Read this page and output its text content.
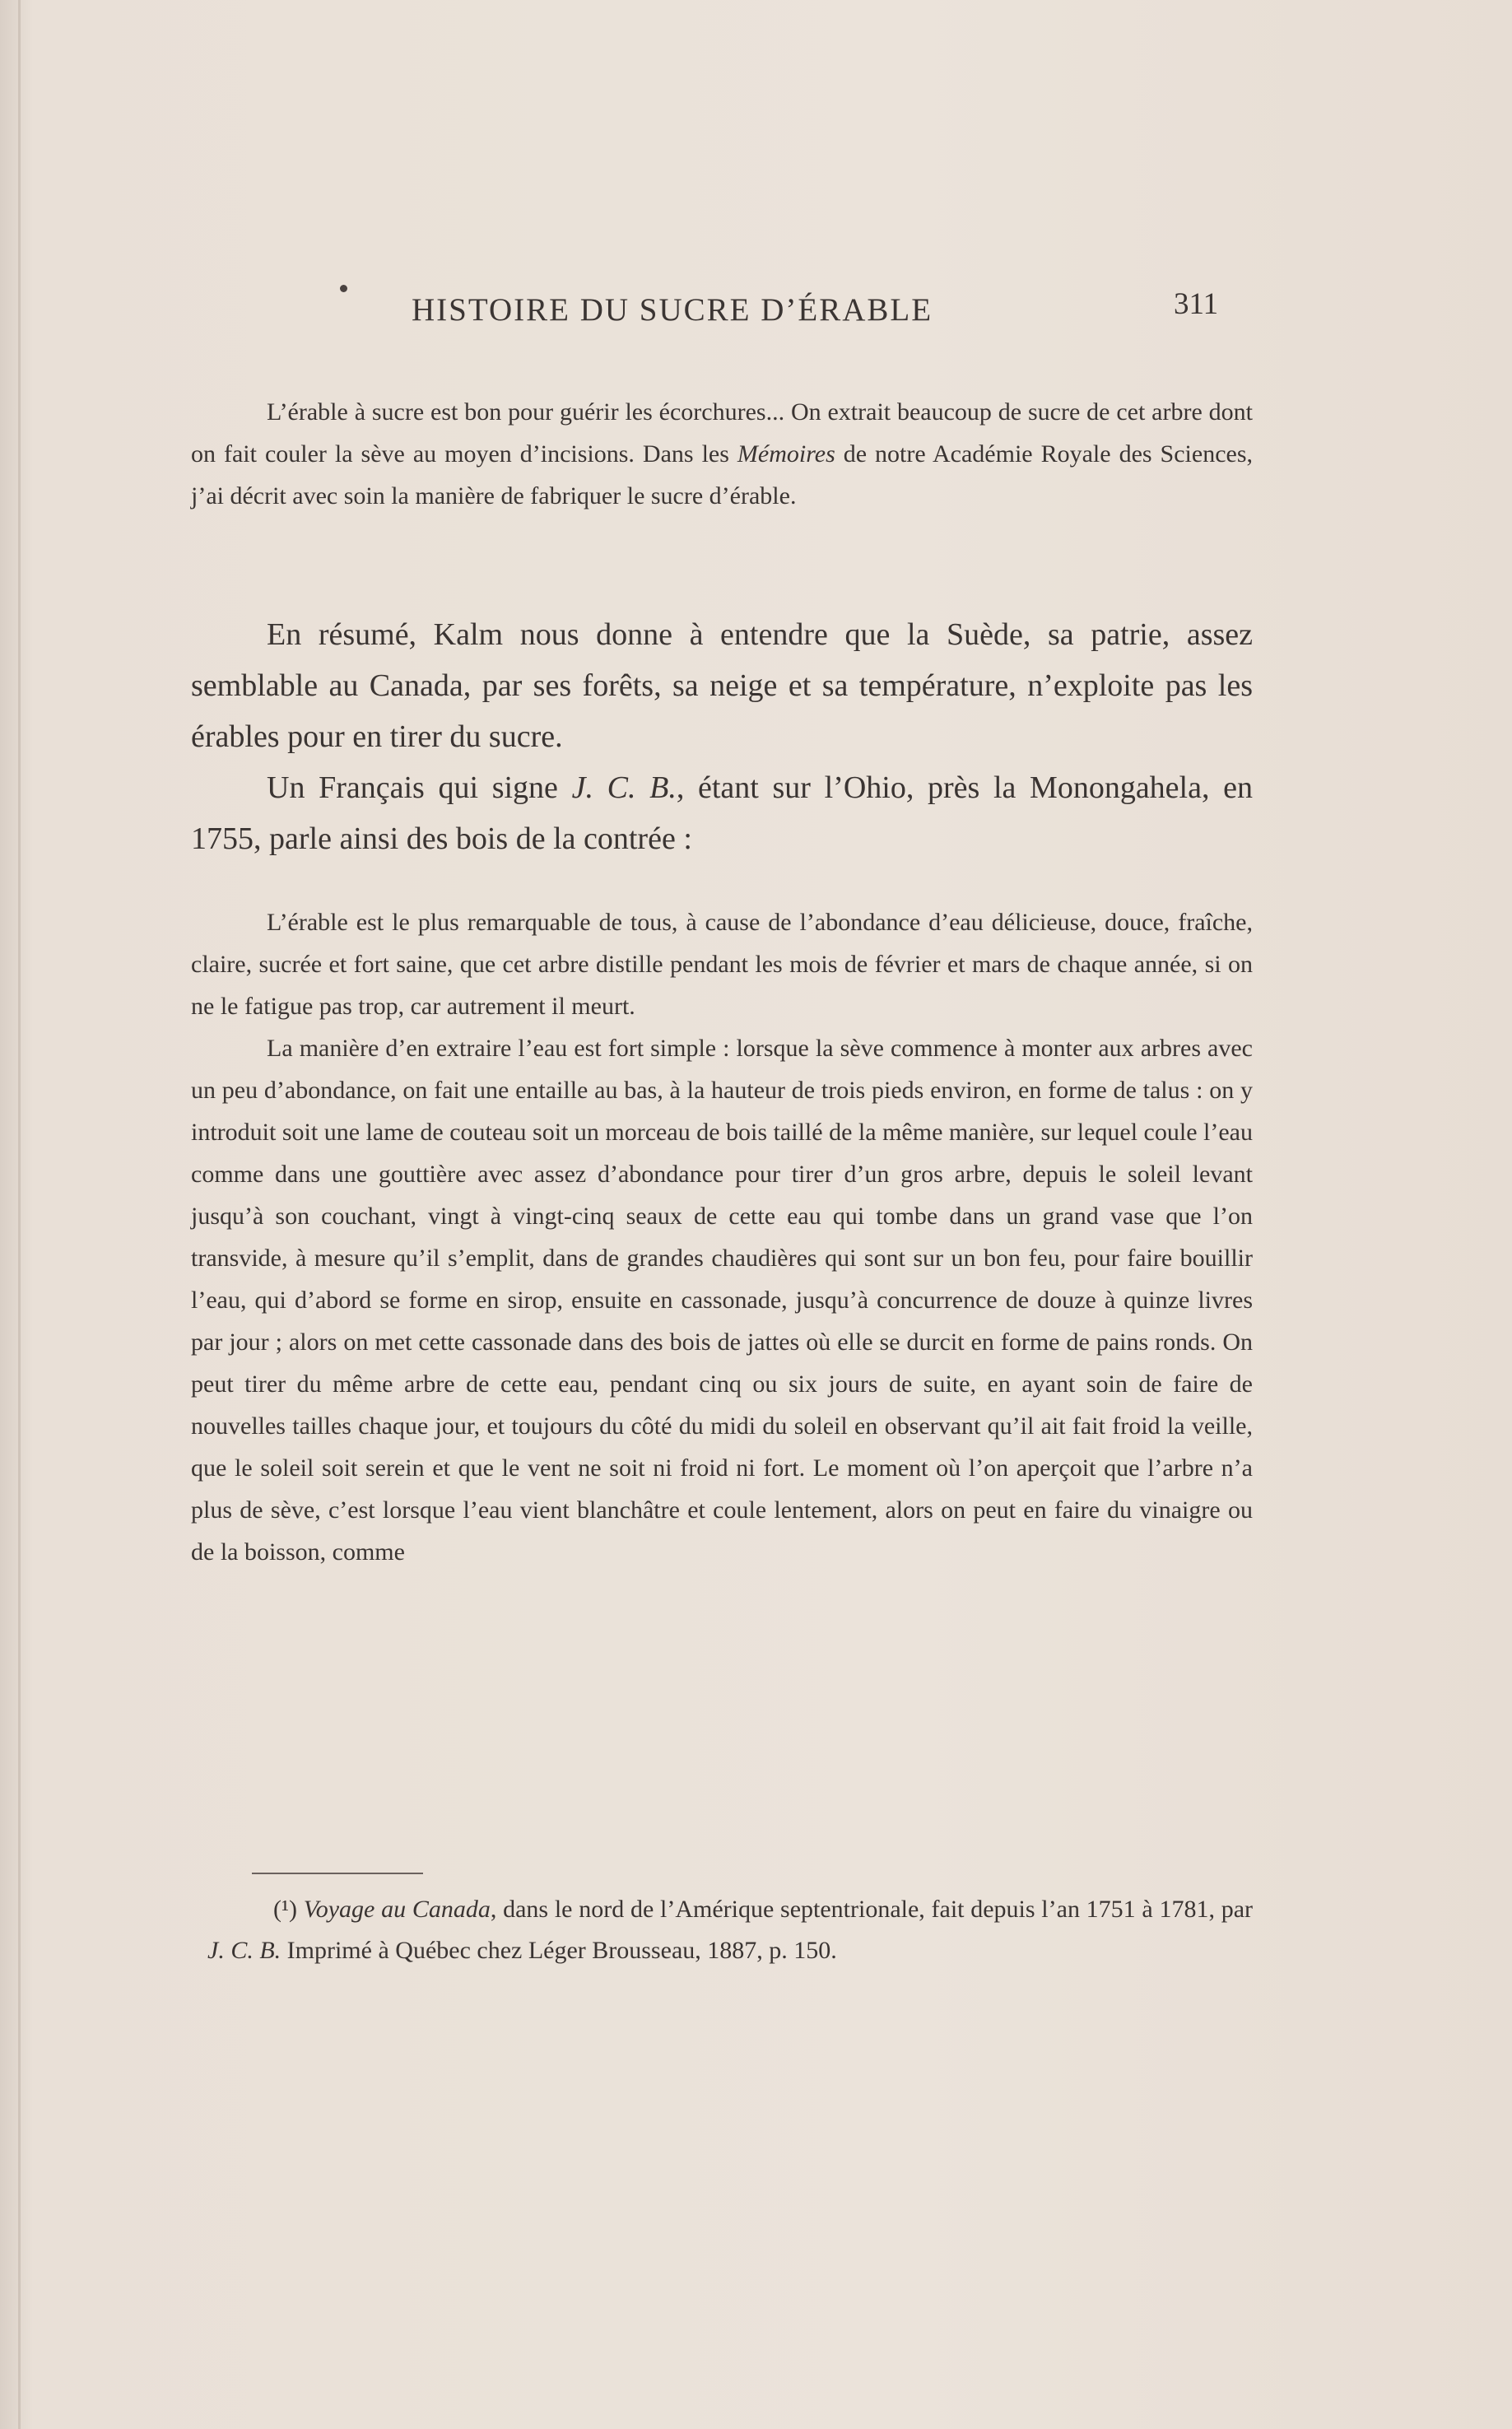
HISTOIRE DU SUCRE D’ÉRABLE	311

L’érable à sucre est bon pour guérir les écorchures... On extrait beaucoup de sucre de cet arbre dont on fait couler la sève au moyen d’incisions. Dans les Mémoires de notre Académie Royale des Sciences, j’ai décrit avec soin la manière de fabriquer le sucre d’érable.

En résumé, Kalm nous donne à entendre que la Suède, sa patrie, assez semblable au Canada, par ses forêts, sa neige et sa température, n’exploite pas les érables pour en tirer du sucre.

Un Français qui signe J. C. B., étant sur l’Ohio, près la Monongahela, en 1755, parle ainsi des bois de la contrée :

L’érable est le plus remarquable de tous, à cause de l’abondance d’eau délicieuse, douce, fraîche, claire, sucrée et fort saine, que cet arbre distille pendant les mois de février et mars de chaque année, si on ne le fatigue pas trop, car autrement il meurt.

La manière d’en extraire l’eau est fort simple : lorsque la sève commence à monter aux arbres avec un peu d’abondance, on fait une entaille au bas, à la hauteur de trois pieds environ, en forme de talus : on y introduit soit une lame de couteau soit un morceau de bois taillé de la même manière, sur lequel coule l’eau comme dans une gouttière avec assez d’abondance pour tirer d’un gros arbre, depuis le soleil levant jusqu’à son couchant, vingt à vingt-cinq seaux de cette eau qui tombe dans un grand vase que l’on transvide, à mesure qu’il s’emplit, dans de grandes chaudières qui sont sur un bon feu, pour faire bouillir l’eau, qui d’abord se forme en sirop, ensuite en cassonade, jusqu’à concurrence de douze à quinze livres par jour ; alors on met cette cassonade dans des bois de jattes où elle se durcit en forme de pains ronds. On peut tirer du même arbre de cette eau, pendant cinq ou six jours de suite, en ayant soin de faire de nouvelles tailles chaque jour, et toujours du côté du midi du soleil en observant qu’il ait fait froid la veille, que le soleil soit serein et que le vent ne soit ni froid ni fort. Le moment où l’on aperçoit que l’arbre n’a plus de sève, c’est lorsque l’eau vient blanchâtre et coule lentement, alors on peut en faire du vinaigre ou de la boisson, comme

(¹) Voyage au Canada, dans le nord de l’Amérique septentrionale, fait depuis l’an 1751 à 1781, par J. C. B. Imprimé à Québec chez Léger Brousseau, 1887, p. 150.
